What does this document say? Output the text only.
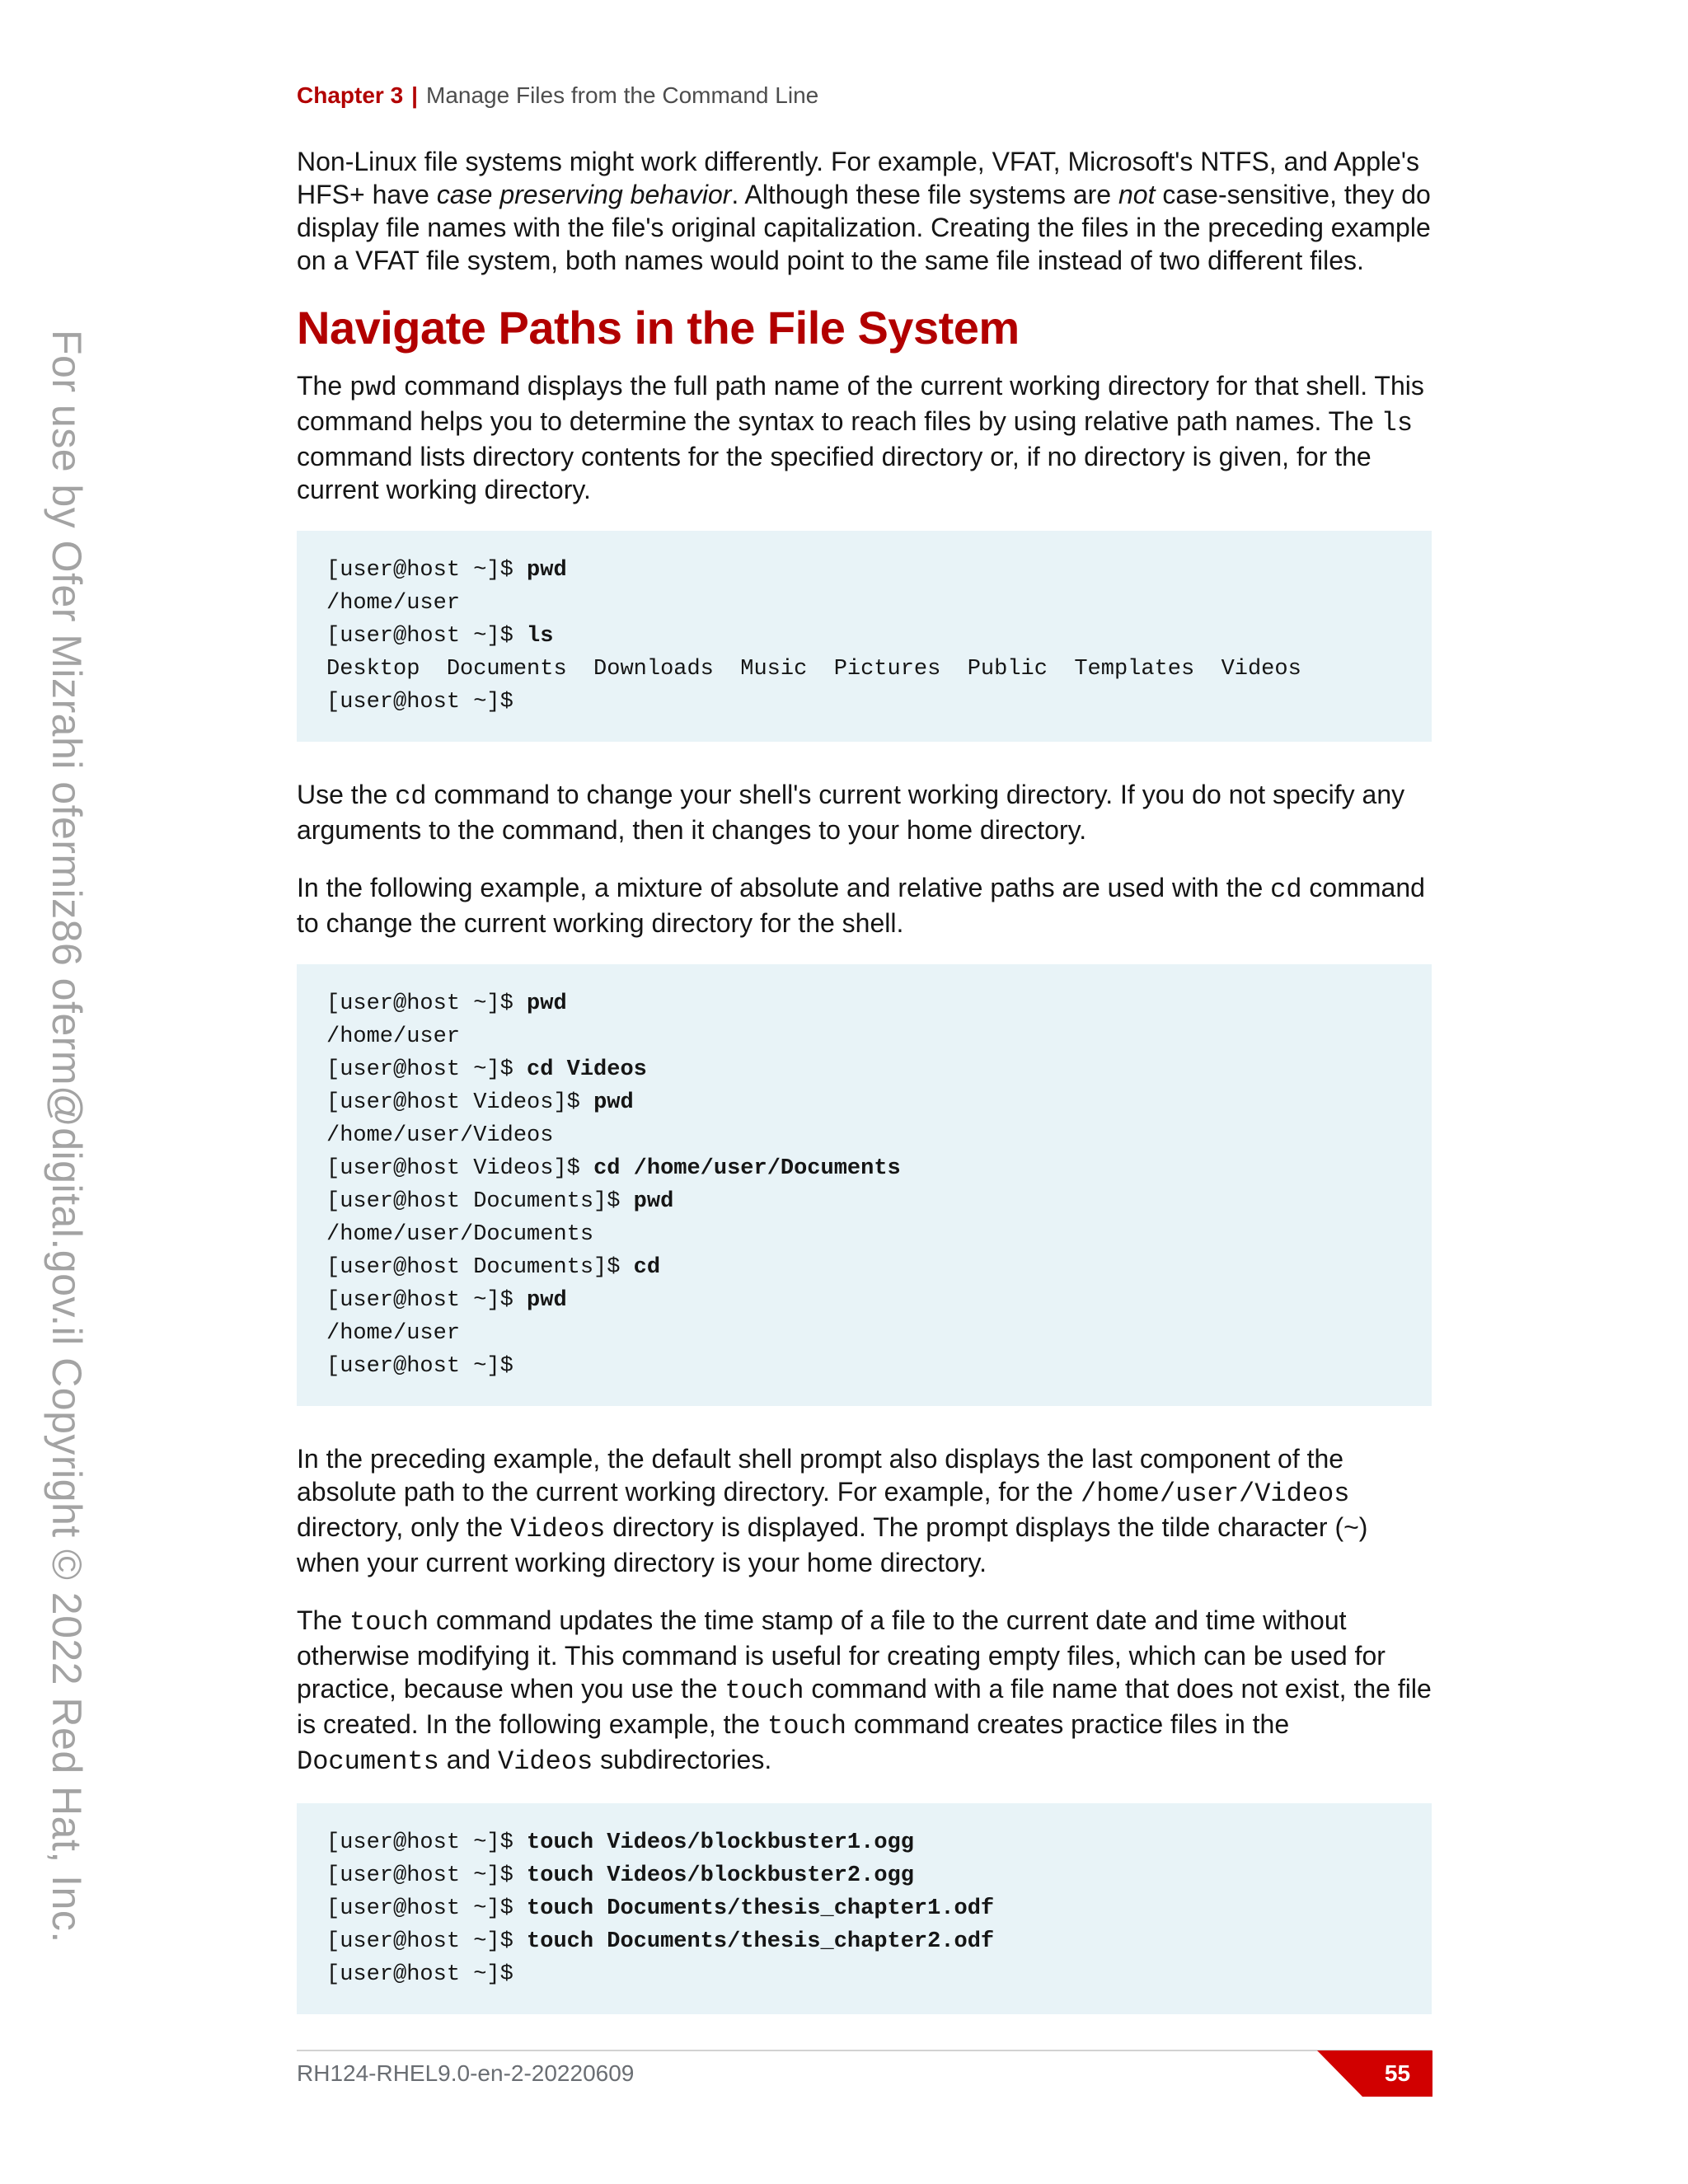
For use by Ofer Mizrahi ofermiz86 oferm@digital.gov.il Copyright © 2022 Red Hat, Inc.
Chapter 3 | Manage Files from the Command Line

Non-Linux file systems might work differently. For example, VFAT, Microsoft's NTFS, and Apple's HFS+ have case preserving behavior. Although these file systems are not case-sensitive, they do display file names with the file's original capitalization. Creating the files in the preceding example on a VFAT file system, both names would point to the same file instead of two different files.

Navigate Paths in the File System

The pwd command displays the full path name of the current working directory for that shell. This command helps you to determine the syntax to reach files by using relative path names. The ls command lists directory contents for the specified directory or, if no directory is given, for the current working directory.

[user@host ~]$ pwd
/home/user
[user@host ~]$ ls
Desktop  Documents  Downloads  Music  Pictures  Public  Templates  Videos
[user@host ~]$

Use the cd command to change your shell's current working directory. If you do not specify any arguments to the command, then it changes to your home directory.

In the following example, a mixture of absolute and relative paths are used with the cd command to change the current working directory for the shell.

[user@host ~]$ pwd
/home/user
[user@host ~]$ cd Videos
[user@host Videos]$ pwd
/home/user/Videos
[user@host Videos]$ cd /home/user/Documents
[user@host Documents]$ pwd
/home/user/Documents
[user@host Documents]$ cd
[user@host ~]$ pwd
/home/user
[user@host ~]$

In the preceding example, the default shell prompt also displays the last component of the absolute path to the current working directory. For example, for the /home/user/Videos directory, only the Videos directory is displayed. The prompt displays the tilde character (~) when your current working directory is your home directory.

The touch command updates the time stamp of a file to the current date and time without otherwise modifying it. This command is useful for creating empty files, which can be used for practice, because when you use the touch command with a file name that does not exist, the file is created. In the following example, the touch command creates practice files in the Documents and Videos subdirectories.

[user@host ~]$ touch Videos/blockbuster1.ogg
[user@host ~]$ touch Videos/blockbuster2.ogg
[user@host ~]$ touch Documents/thesis_chapter1.odf
[user@host ~]$ touch Documents/thesis_chapter2.odf
[user@host ~]$
RH124-RHEL9.0-en-2-20220609	55
